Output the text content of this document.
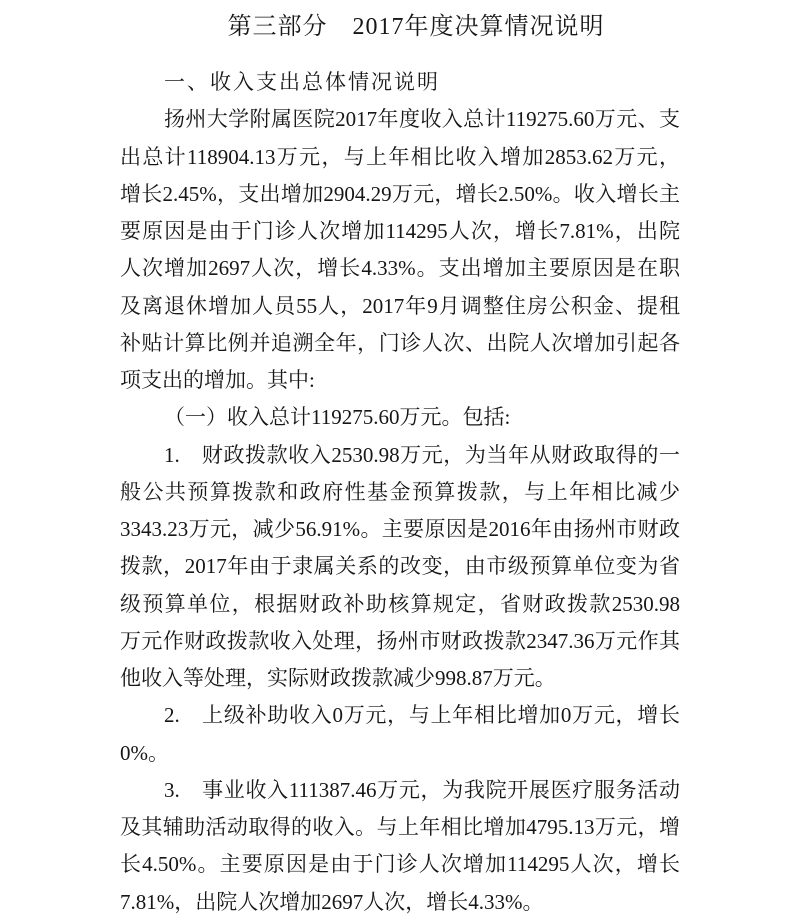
第三部分　2017年度决算情况说明
一、收入支出总体情况说明
扬州大学附属医院2017年度收入总计119275.60万元、支
出总计118904.13万元，与上年相比收入增加2853.62万元，
增长2.45%，支出增加2904.29万元，增长2.50%。收入增长主
要原因是由于门诊人次增加114295人次，增长7.81%，出院
人次增加2697人次，增长4.33%。支出增加主要原因是在职
及离退休增加人员55人，2017年9月调整住房公积金、提租
补贴计算比例并追溯全年，门诊人次、出院人次增加引起各
项支出的增加。其中:
（一）收入总计119275.60万元。包括:
1.　财政拨款收入2530.98万元，为当年从财政取得的一
般公共预算拨款和政府性基金预算拨款，与上年相比减少
3343.23万元，减少56.91%。主要原因是2016年由扬州市财政
拨款，2017年由于隶属关系的改变，由市级预算单位变为省
级预算单位，根据财政补助核算规定，省财政拨款2530.98
万元作财政拨款收入处理，扬州市财政拨款2347.36万元作其
他收入等处理，实际财政拨款减少998.87万元。
2.　上级补助收入0万元，与上年相比增加0万元，增长
0%。
3.　事业收入111387.46万元，为我院开展医疗服务活动
及其辅助活动取得的收入。与上年相比增加4795.13万元，增
长4.50%。主要原因是由于门诊人次增加114295人次，增长
7.81%，出院人次增加2697人次，增长4.33%。
